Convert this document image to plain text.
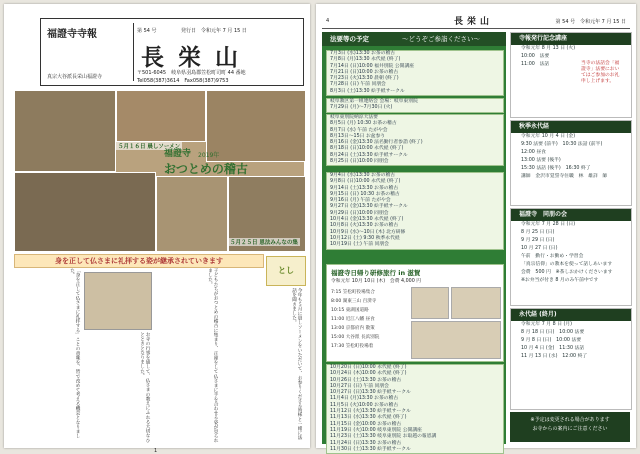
福證寺寺報	第 54 号	発行日　令和元年 7 月 15 日
長栄山
〒501-6045　岐阜県羽島郡笠松町司町 44 番地
Tel058(387)3614　Fax058(387)9753
真宗大谷派長栄山福證寺
５月１６日 晨しソーメン
福證寺 2019年
おつとめの稽古
５月２５日 恩法みんなの集
身を正して仏さまに礼拝する姿が継承されていきます
とし
今年も５月に晨しソーメンをいただいて、お参りくださる皆様と一緒に法話を聞きました。
子どもたちがおつとめの稽古に集まり、正座をして仏さまに手を合わせる姿が見られました。
お寺の行事を通して、仏さまの教えにふれる大切なひとときとなりました。
「身を正して仏さまに礼拝する」ことの意味を、皆で改めて考える機会となりました。
1
4	長栄山	第 54 号　令和元年 7 月 15 日
法要等の予定	～どうぞご参詣ください～
7月3日 (水)13:30 お茶の稽古
7月8日 (月)13:30 永代経 (終了)
7月14日 (日)10:00 福井別院 公開講座
7月21日 (日)10:00 お茶の稽古
7月23日 (火)13:30 晨朝 (終了)
7月28日 (日) 午前 同朋会
8月3日 (土)13:30 絵手紙サークル
岐阜教区第一組連絡会 会場：岐阜東別院
7月29日 (月)～7月30日 (火)
岐阜東別院納涼大法要
8月5日 (月) 10:30 お茶の稽古
8月7日 (水) 午前 たがや会
8月13日～15日 お盆参り
8月16日 (金)13:30 法名勤行者参詣 (終了)
8月18日 (日)10:00 永代経 (終了)
8月24日 (土)13:30 絵手紙サークル
8月25日 (日)10:00 同朋会
9月4日 (水)13:30 お茶の稽古
9月8日 (日)10:00 永代経 (終了)
9月14日 (土)13:30 お茶の稽古
9月15日 (日) 10:30 お茶の稽古
9月16日 (月) 午前 たがや会
9月27日 (金)13:30 絵手紙サークル
9月29日 (日)10:00 同朋会
10月4日 (金)13:30 永代経 (終了)
10月8日 (火)13:30 お茶の稽古
10月9日 (水)～10日 (木) 北方研修
10月12日 (土) 9:30 秋季永代経
10月19日 (土) 午前 同朋会
福證寺日帰り研修旅行 in 滋賀
令和元年 10月 10日 (木)　会費 4,000 円
7:15 笠松町役場集合
8:00 湖東三山 百済寺
10:15 東湖国道路
11:00 近江八幡 昼食
13:00 京都府内 散策
15:00 大谷派 長浜別院
17:30 笠松町役場着
10月20日 (日)10:00 永代経 (終了)
10月24日 (木)10:00 永代経 (終了)
10月26日 (土)13:30 お茶の稽古
10月27日 (日) 午前 同朋会
10月27日 (日)13:30 絵手紙サークル
11月4日 (月)13:30 お茶の稽古
11月5日 (火)10:00 お茶の稽古
11月12日 (火)13:30 絵手紙サークル
11月13日 (水)13:30 永代経 (終了)
11月15日 (金)10:00 お茶の稽古
11月19日 (火)10:00 岐阜東別院 公開講座
11月23日 (土)13:30 岐阜東別院 お取越の報恩講
11月24日 (日)13:30 お茶の稽古
11月30日 (土)13:30 絵手紙サークル
寺報発行記念講座
令和元年 8 月 13 日 (火)
10:00　法要
11:00　法話	当寺の法話会「福證寺」法要においてはご参加のお礼申し上げます。
秋季永代経
令和元年 10 月 4 日 (金)
9:30 法要 (前半)　10:30 法話 (前半)
12:00 昼食
13:00 法要 (後半)
15:30 法話 (後半)　16:30 終了
講師　金沢市覚誓寺住職　林　雄詳　師
福證寺　同朋の会
令和元年 7 月 28 日 (日)
8 月 25 日 (日)
9 月 29 日 (日)
10 月 27 日 (日)
午前　勤行・お勤め・学習会
「真宗信仰」の教本を使って話しあいます
会費　500 円　※茶しおかけくださいます
※お弁当が付き 8 月のみ午前中です
永代経 (終月)
令和元年 7 月 8 日 (月)
8 月 18 日 (日)　10:00 法要
9 月 8 日 (日)　10:00 法要
10 月 4 日 (金)　11:30 法話
11 月 13 日 (水)　12:00 終了
※予定は変更される場合があります
お寺からの案内にご注意ください
